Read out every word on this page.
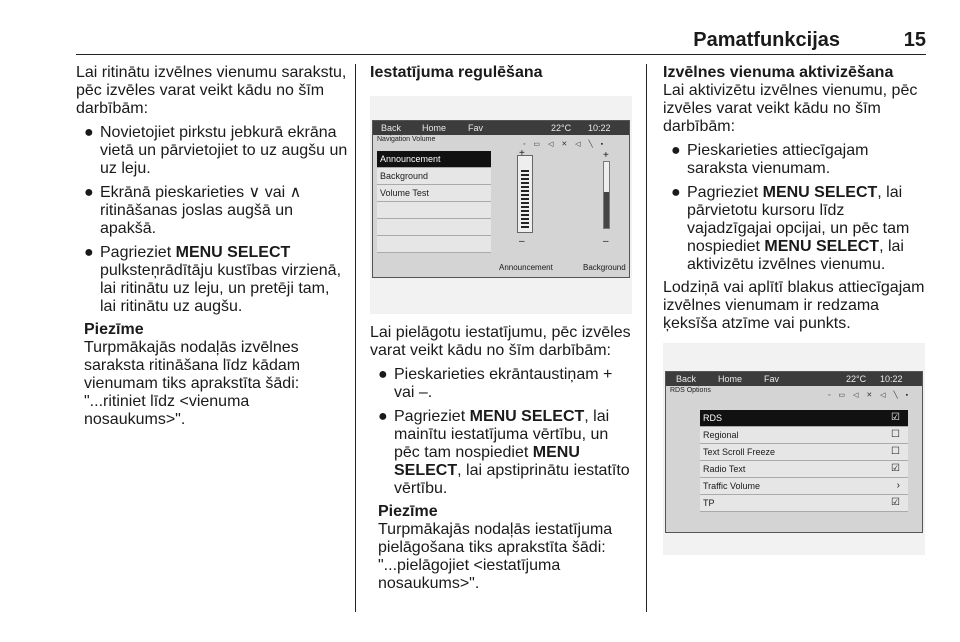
Pamatfunkcijas	15

Lai ritinātu izvēlnes vienumu sarakstu, pēc izvēles varat veikt kādu no šīm darbībām:

● Novietojiet pirkstu jebkurā ekrāna vietā un pārvietojiet to uz augšu un uz leju.
● Ekrānā pieskarieties ∨ vai ∧ ritināšanas joslas augšā un apakšā.
● Pagrieziet MENU SELECT pulksteņrādītāju kustības virzienā, lai ritinātu uz leju, un pretēji tam, lai ritinātu uz augšu.

Piezīme

Turpmākajās nodaļās izvēlnes saraksta ritināšana līdz kādam vienumam tiks aprakstīta šādi: "...ritiniet līdz <vienuma nosaukums>".

Iestatījuma regulēšana

Back Home Fav	22°C 10:22
Navigation Volume
◦ ▭ ◁ ✕ ◁ ╲ ▪
Announcement
Background
Volume Test
+
–
+
–
Announcement	Background

Lai pielāgotu iestatījumu, pēc izvēles varat veikt kādu no šīm darbībām:

● Pieskarieties ekrāntaustiņam + vai –.
● Pagrieziet MENU SELECT, lai mainītu iestatījuma vērtību, un pēc tam nospiediet MENU SELECT, lai apstiprinātu iestatīto vērtību.

Piezīme

Turpmākajās nodaļās iestatījuma pielāgošana tiks aprakstīta šādi: "...pielāgojiet <iestatījuma nosaukums>".

Izvēlnes vienuma aktivizēšana

Lai aktivizētu izvēlnes vienumu, pēc izvēles varat veikt kādu no šīm darbībām:

● Pieskarieties attiecīgajam saraksta vienumam.
● Pagrieziet MENU SELECT, lai pārvietotu kursoru līdz vajadzīgajai opcijai, un pēc tam nospiediet MENU SELECT, lai aktivizētu izvēlnes vienumu.

Lodziņā vai aplītī blakus attiecīgajam izvēlnes vienumam ir redzama ķeksīša atzīme vai punkts.

Back Home Fav	22°C 10:22
RDS Options
◦ ▭ ◁ ✕ ◁ ╲ ▪
RDS	☑
Regional	☐
Text Scroll Freeze	☐
Radio Text	☑
Traffic Volume	›
TP	☑
